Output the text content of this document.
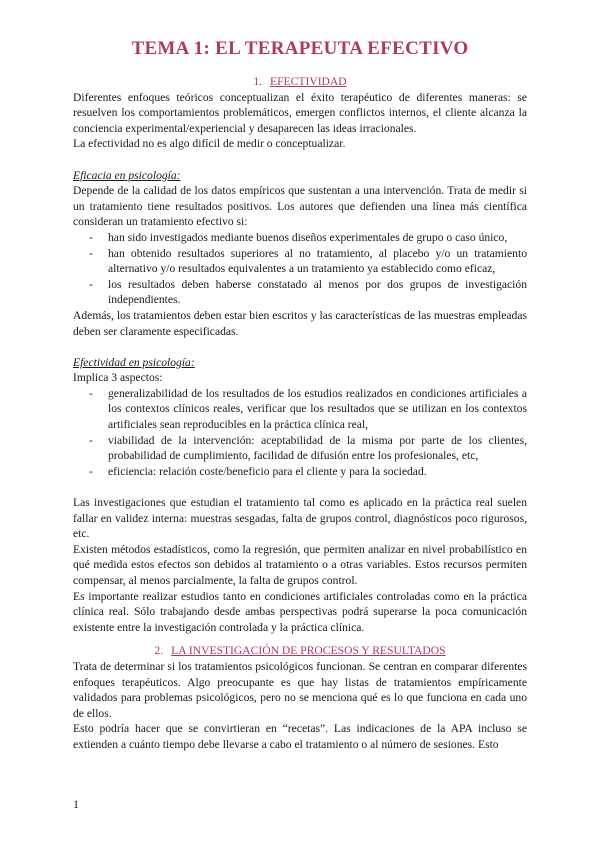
TEMA 1: EL TERAPEUTA EFECTIVO
1. EFECTIVIDAD

Diferentes enfoques teóricos conceptualizan el éxito terapéutico de diferentes maneras: se resuelven los comportamientos problemáticos, emergen conflictos internos, el cliente alcanza la conciencia experimental/experiencial y desaparecen las ideas irracionales.

La efectividad no es algo difícil de medir o conceptualizar.

Eficacia en psicología:

Depende de la calidad de los datos empíricos que sustentan a una intervención. Trata de medir si un tratamiento tiene resultados positivos. Los autores que defienden una línea más científica consideran un tratamiento efectivo si:

- han sido investigados mediante buenos diseños experimentales de grupo o caso único,
- han obtenido resultados superiores al no tratamiento, al placebo y/o un tratamiento alternativo y/o resultados equivalentes a un tratamiento ya establecido como eficaz,
- los resultados deben haberse constatado al menos por dos grupos de investigación independientes.

Además, los tratamientos deben estar bien escritos y las características de las muestras empleadas deben ser claramente especificadas.

Efectividad en psicología:

Implica 3 aspectos:

- generalizabilidad de los resultados de los estudios realizados en condiciones artificiales a los contextos clínicos reales, verificar que los resultados que se utilizan en los contextos artificiales sean reproducibles en la práctica clínica real,
- viabilidad de la intervención: aceptabilidad de la misma por parte de los clientes, probabilidad de cumplimiento, facilidad de difusión entre los profesionales, etc,
- eficiencia: relación coste/beneficio para el cliente y para la sociedad.

Las investigaciones que estudian el tratamiento tal como es aplicado en la práctica real suelen fallar en validez interna: muestras sesgadas, falta de grupos control, diagnósticos poco rigurosos, etc.

Existen métodos estadísticos, como la regresión, que permiten analizar en nivel probabilístico en qué medida estos efectos son debidos al tratamiento o a otras variables. Estos recursos permiten compensar, al menos parcialmente, la falta de grupos control.

Es importante realizar estudios tanto en condiciones artificiales controladas como en la práctica clínica real. Sólo trabajando desde ambas perspectivas podrá superarse la poca comunicación existente entre la investigación controlada y la práctica clínica.

2. LA INVESTIGACIÓN DE PROCESOS Y RESULTADOS

Trata de determinar si los tratamientos psicológicos funcionan. Se centran en comparar diferentes enfoques terapéuticos. Algo preocupante es que hay listas de tratamientos empíricamente validados para problemas psicológicos, pero no se menciona qué es lo que funciona en cada uno de ellos.

Esto podría hacer que se convirtieran en “recetas”. Las indicaciones de la APA incluso se extienden a cuánto tiempo debe llevarse a cabo el tratamiento o al número de sesiones. Esto

1
